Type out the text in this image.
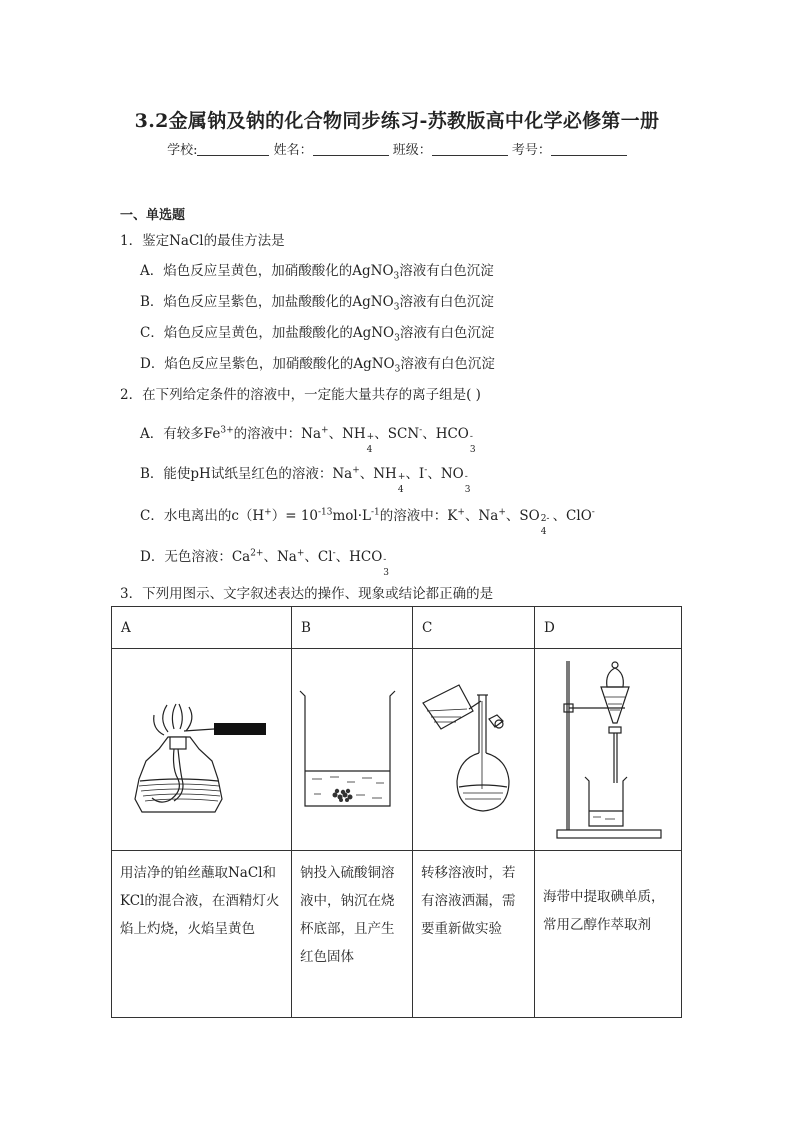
3.2金属钠及钠的化合物同步练习-苏教版高中化学必修第一册
学校:	姓名：	班级：	考号：
一、单选题
1．鉴定NaCl的最佳方法是
A．焰色反应呈黄色，加硝酸酸化的AgNO$_3$溶液有白色沉淀
B．焰色反应呈紫色，加盐酸酸化的AgNO$_3$溶液有白色沉淀
C．焰色反应呈黄色，加盐酸酸化的AgNO$_3$溶液有白色沉淀
D．焰色反应呈紫色，加硝酸酸化的AgNO$_3$溶液有白色沉淀
2．在下列给定条件的溶液中，一定能大量共存的离子组是( )
A．有较多$Fe^{3+}$的溶液中：Na+、NH +
4
、SCN-、HCO -
3
B．能使pH试纸呈红色的溶液：Na+、NH +
4
、I-、NO -
3
C．水电离出的$c(H^+)= 10^{-13}mol\cdot L^{-1}$的溶液中：K+、Na+、SO 2-
4
、ClO-
D．无色溶液：$Ca^{2+}$、Na+、Cl-、HCO -
3
3．下列用图示、文字叙述表达的操作、现象或结论都正确的是
A	B	C	D

用洁净的铂丝蘸取NaCl和KCl的混合液，在酒精灯火焰上灼烧，火焰呈黄色	钠投入硫酸铜溶液中，钠沉在烧杯底部，且产生红色固体	转移溶液时，若有溶液洒漏，需要重新做实验	海带中提取碘单质，常用乙醇作萃取剂
